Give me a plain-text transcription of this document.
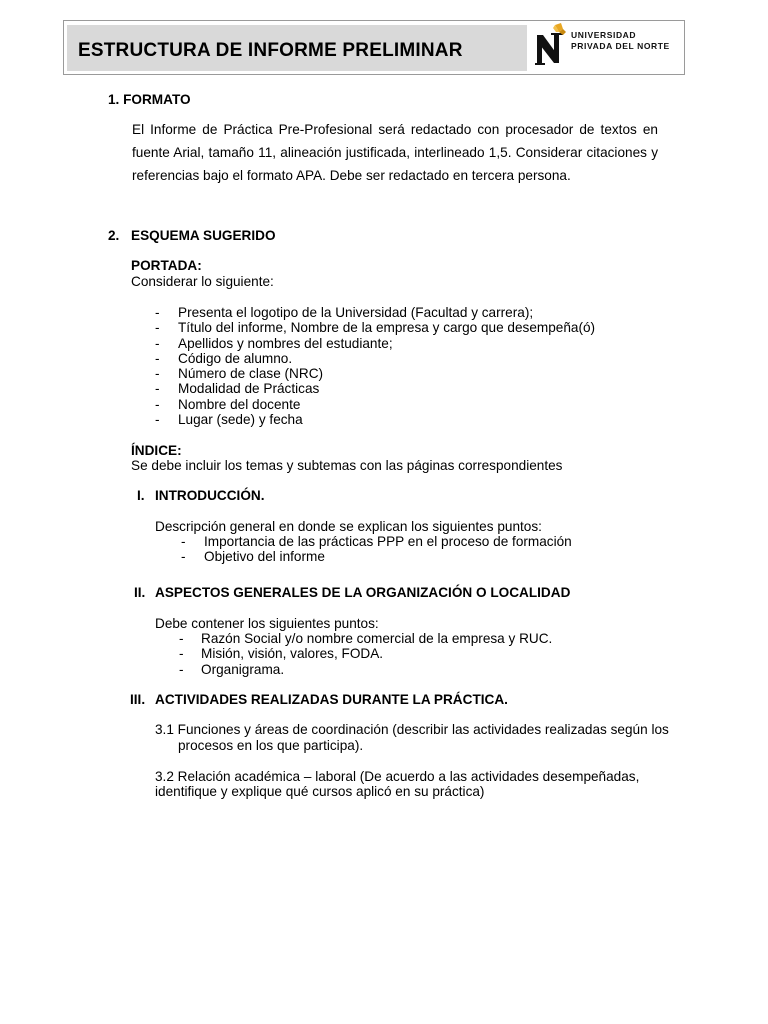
ESTRUCTURA DE INFORME PRELIMINAR
UNIVERSIDAD
PRIVADA DEL NORTE
1. FORMATO
El Informe de Práctica Pre-Profesional será redactado con procesador de textos en fuente Arial, tamaño 11, alineación justificada, interlineado 1,5. Considerar citaciones y referencias bajo el formato APA. Debe ser redactado en tercera persona.
2. ESQUEMA SUGERIDO
PORTADA:
Considerar lo siguiente:
- Presenta el logotipo de la Universidad (Facultad y carrera);
- Título del informe, Nombre de la empresa y cargo que desempeña(ó)
- Apellidos y nombres del estudiante;
- Código de alumno.
- Número de clase (NRC)
- Modalidad de Prácticas
- Nombre del docente
- Lugar (sede) y fecha
ÍNDICE:
Se debe incluir los temas y subtemas con las páginas correspondientes
I. INTRODUCCIÓN.
Descripción general en donde se explican los siguientes puntos:
- Importancia de las prácticas PPP en el proceso de formación
- Objetivo del informe
II. ASPECTOS GENERALES DE LA ORGANIZACIÓN O LOCALIDAD
Debe contener los siguientes puntos:
- Razón Social y/o nombre comercial de la empresa y RUC.
- Misión, visión, valores, FODA.
- Organigrama.
III. ACTIVIDADES REALIZADAS DURANTE LA PRÁCTICA.
3.1 Funciones y áreas de coordinación (describir las actividades realizadas según los
procesos en los que participa).
3.2 Relación académica – laboral (De acuerdo a las actividades desempeñadas,
identifique y explique qué cursos aplicó en su práctica)
